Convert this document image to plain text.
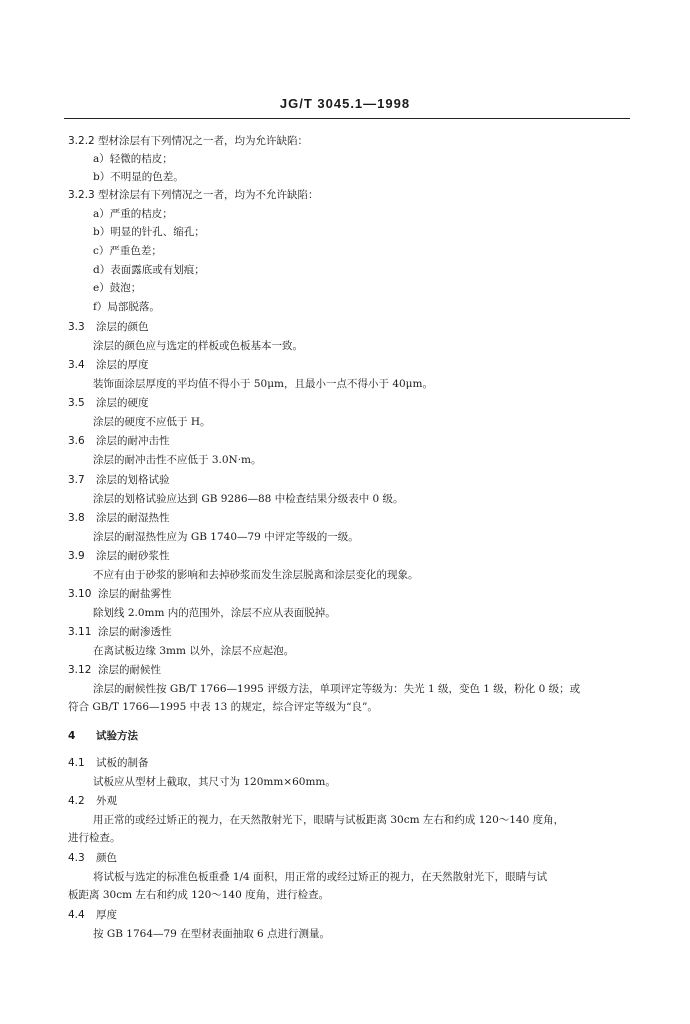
JG/T 3045.1—1998
3.2.2 型材涂层有下列情况之一者，均为允许缺陷：
a）轻微的桔皮；
b）不明显的色差。
3.2.3 型材涂层有下列情况之一者，均为不允许缺陷：
a）严重的桔皮；
b）明显的针孔、缩孔；
c）严重色差；
d）表面露底或有划痕；
e）鼓泡；
f）局部脱落。
3.3 涂层的颜色
涂层的颜色应与选定的样板或色板基本一致。
3.4 涂层的厚度
装饰面涂层厚度的平均值不得小于 50μm，且最小一点不得小于 40μm。
3.5 涂层的硬度
涂层的硬度不应低于 H。
3.6 涂层的耐冲击性
涂层的耐冲击性不应低于 3.0N·m。
3.7 涂层的划格试验
涂层的划格试验应达到 GB 9286—88 中检查结果分级表中 0 级。
3.8 涂层的耐湿热性
涂层的耐湿热性应为 GB 1740—79 中评定等级的一级。
3.9 涂层的耐砂浆性
不应有由于砂浆的影响和去掉砂浆而发生涂层脱离和涂层变化的现象。
3.10 涂层的耐盐雾性
除划线 2.0mm 内的范围外，涂层不应从表面脱掉。
3.11 涂层的耐渗透性
在离试板边缘 3mm 以外，涂层不应起泡。
3.12 涂层的耐候性
涂层的耐候性按 GB/T 1766—1995 评级方法，单项评定等级为：失光 1 级，变色 1 级，粉化 0 级；或
符合 GB/T 1766—1995 中表 13 的规定，综合评定等级为“良”。
4 试验方法
4.1 试板的制备
试板应从型材上截取，其尺寸为 120mm×60mm。
4.2 外观
用正常的或经过矫正的视力，在天然散射光下，眼睛与试板距离 30cm 左右和约成 120～140 度角，
进行检查。
4.3 颜色
将试板与选定的标准色板重叠 1/4 面积，用正常的或经过矫正的视力，在天然散射光下，眼睛与试
板距离 30cm 左右和约成 120～140 度角，进行检查。
4.4 厚度
按 GB 1764—79 在型材表面抽取 6 点进行测量。
